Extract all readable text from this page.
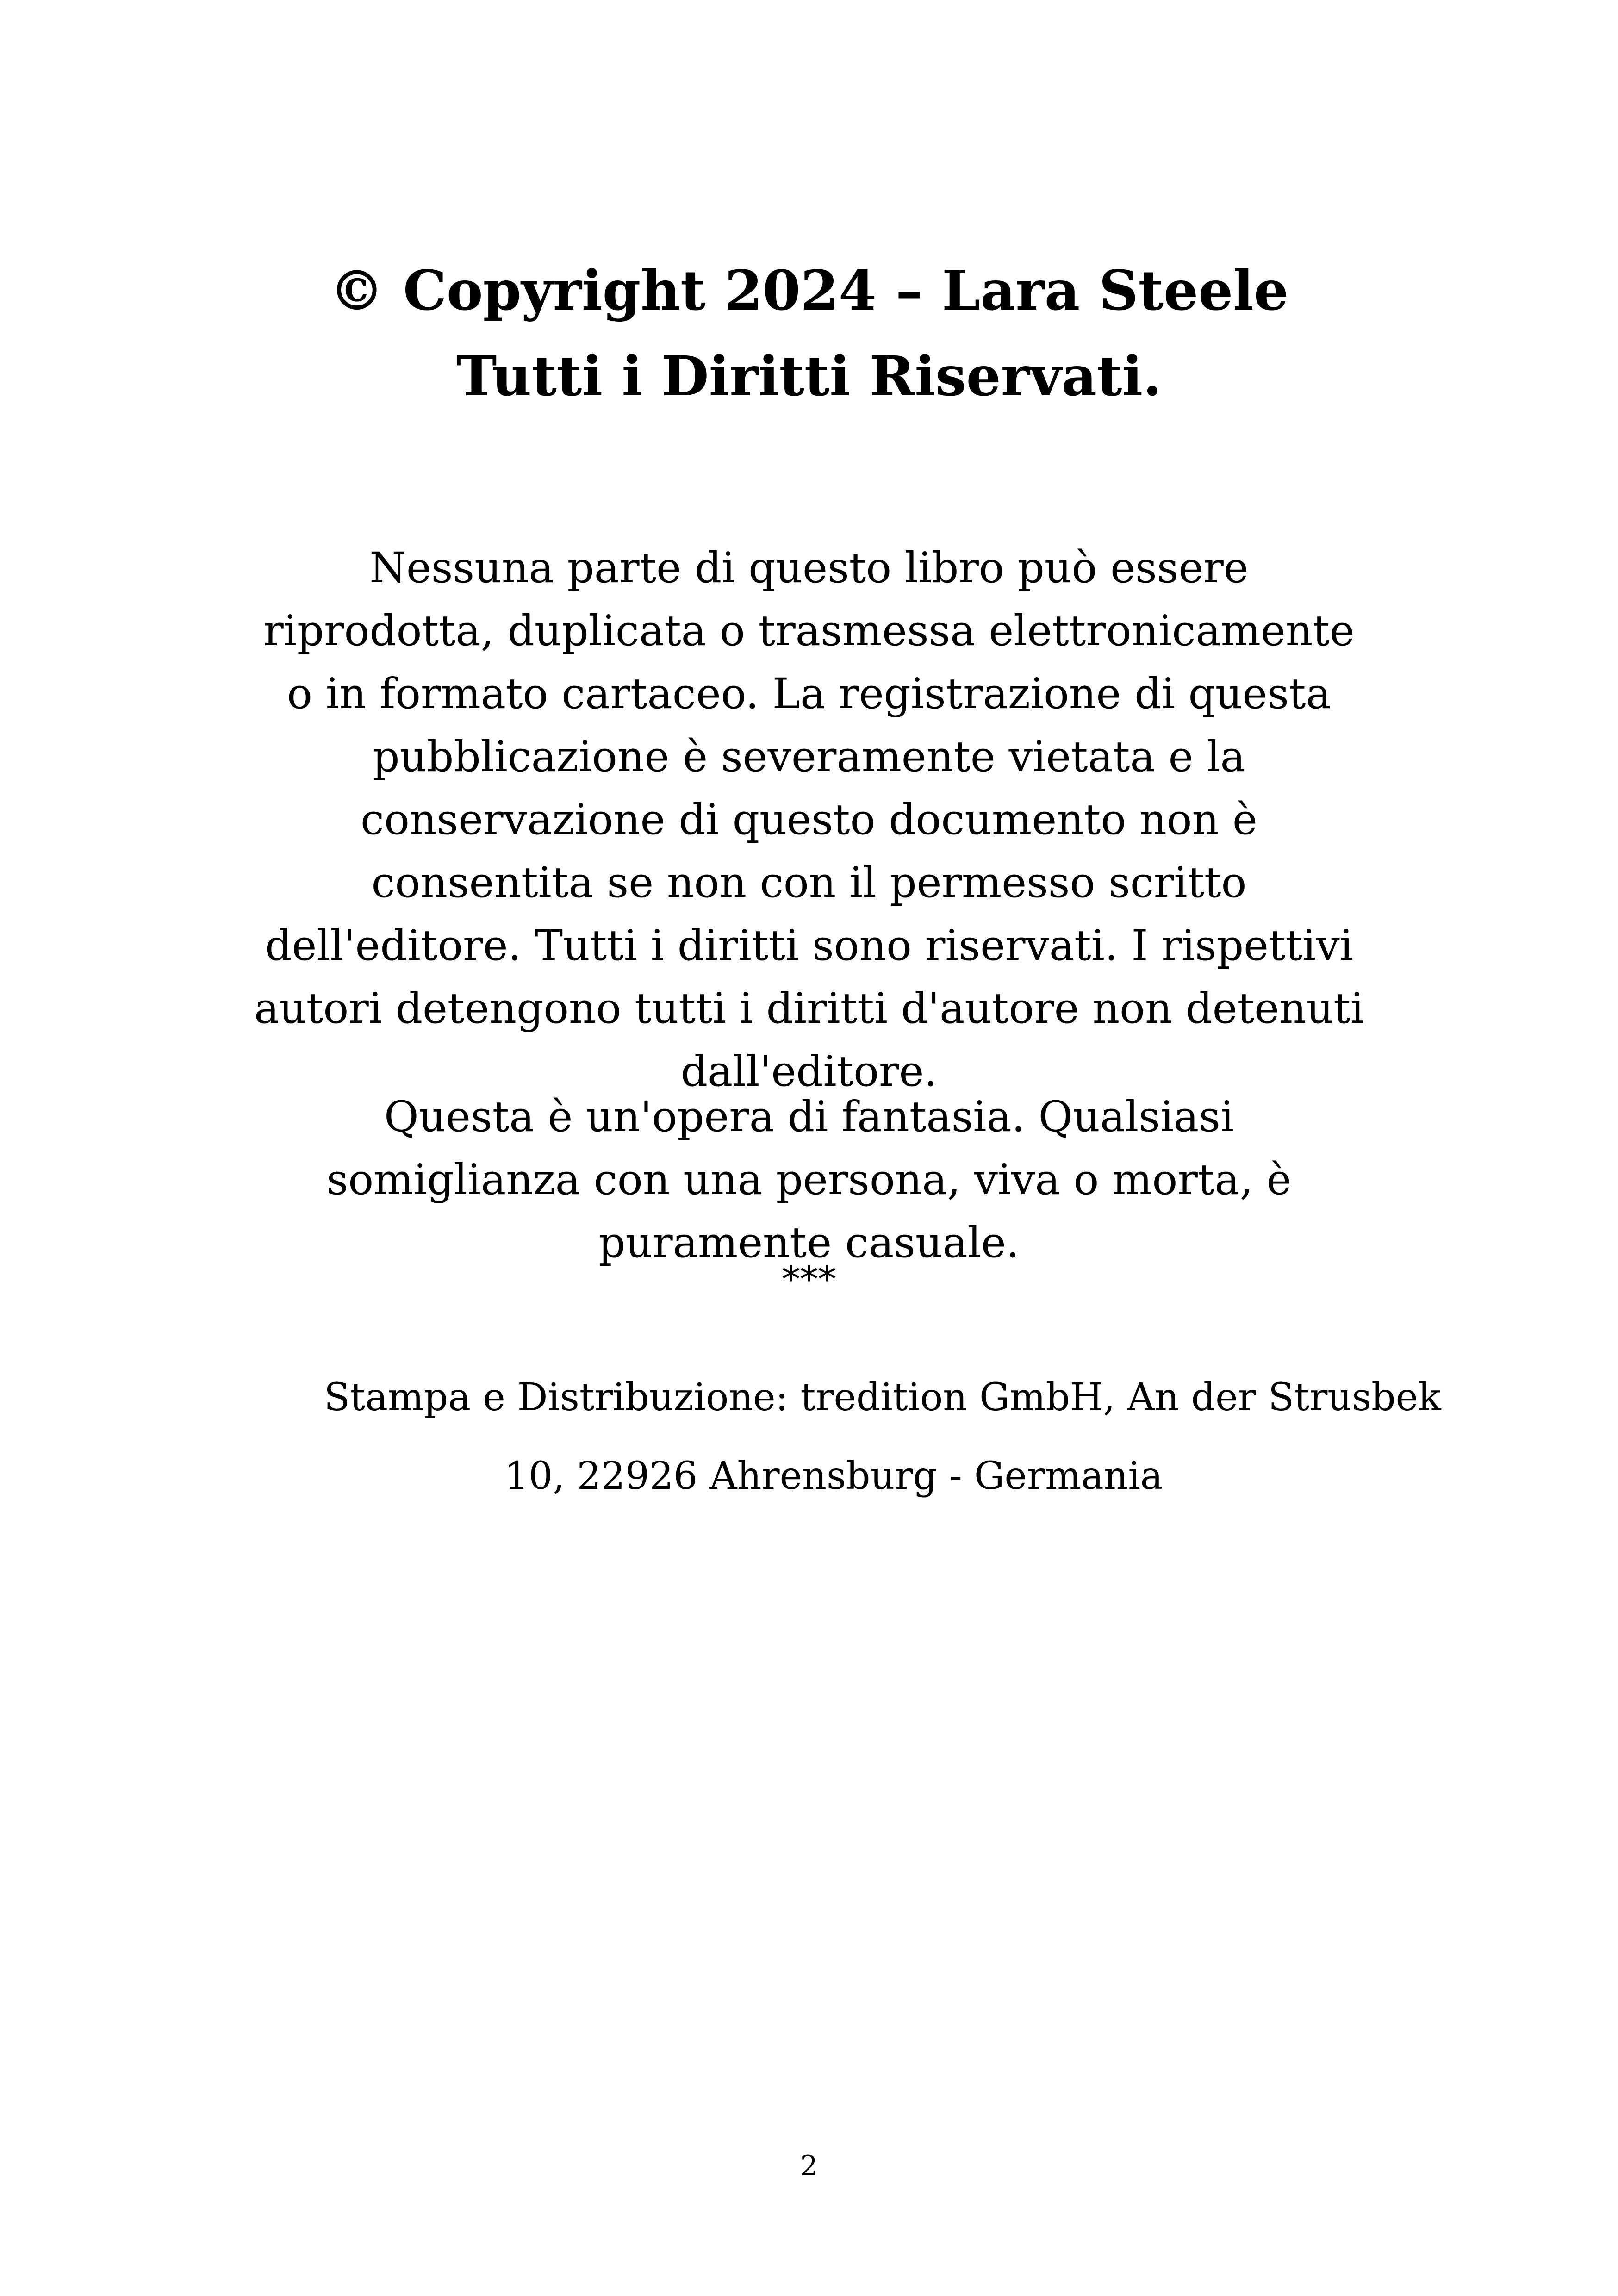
© Copyright 2024 – Lara Steele
Tutti i Diritti Riservati.

Nessuna parte di questo libro può essere riprodotta, duplicata o trasmessa elettronicamente o in formato cartaceo. La registrazione di questa pubblicazione è severamente vietata e la conservazione di questo documento non è consentita se non con il permesso scritto dell'editore. Tutti i diritti sono riservati. I rispettivi autori detengono tutti i diritti d'autore non detenuti dall'editore.

Questa è un'opera di fantasia. Qualsiasi somiglianza con una persona, viva o morta, è puramente casuale.

***
Stampa e Distribuzione: tredition GmbH, An der Strusbek
10, 22926 Ahrensburg - Germania
2
